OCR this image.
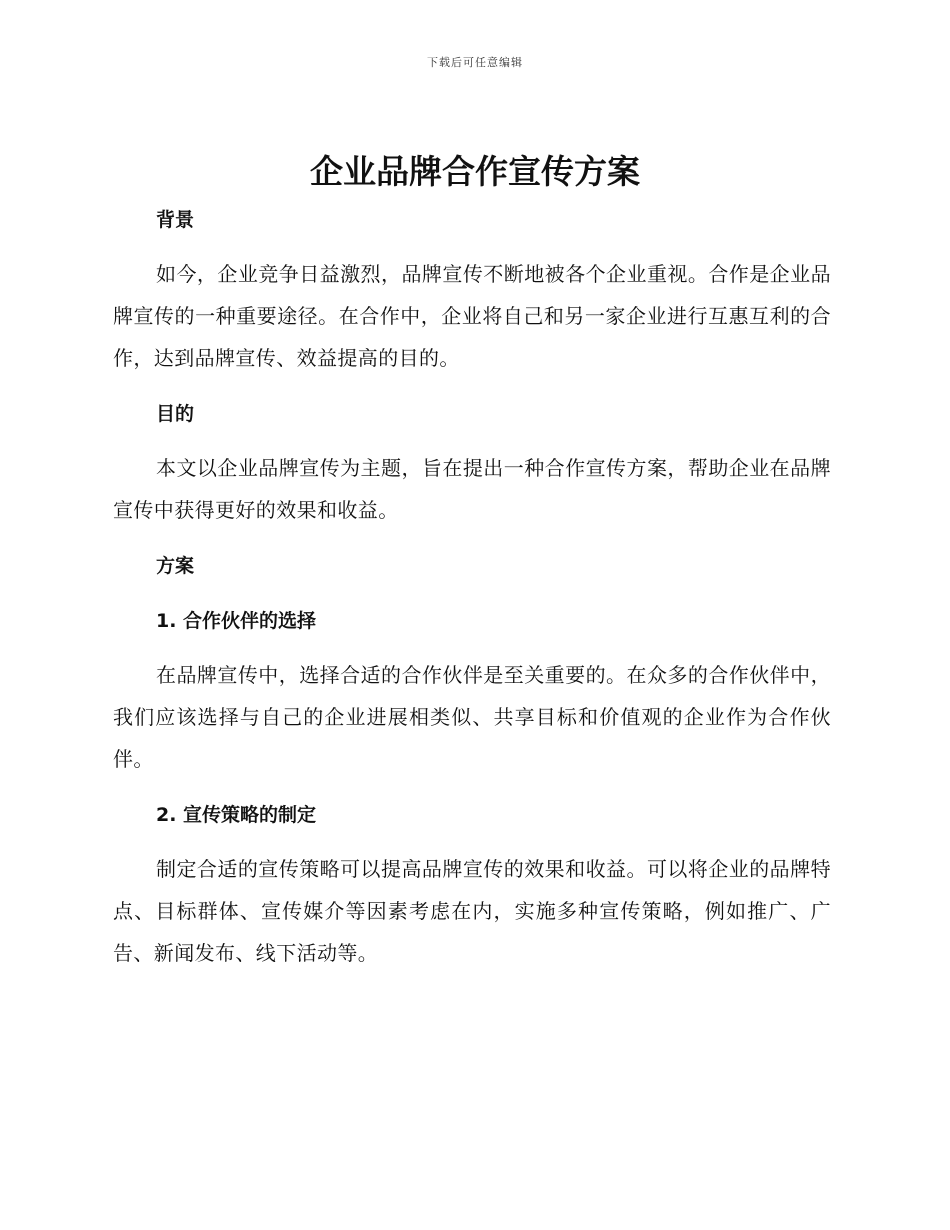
下载后可任意编辑
企业品牌合作宣传方案
背景

如今，企业竞争日益激烈，品牌宣传不断地被各个企业重视。合作是企业品牌宣传的一种重要途径。在合作中，企业将自己和另一家企业进行互惠互利的合作，达到品牌宣传、效益提高的目的。

目的

本文以企业品牌宣传为主题，旨在提出一种合作宣传方案，帮助企业在品牌宣传中获得更好的效果和收益。

方案
1. 合作伙伴的选择

在品牌宣传中，选择合适的合作伙伴是至关重要的。在众多的合作伙伴中，我们应该选择与自己的企业进展相类似、共享目标和价值观的企业作为合作伙伴。

2. 宣传策略的制定

制定合适的宣传策略可以提高品牌宣传的效果和收益。可以将企业的品牌特点、目标群体、宣传媒介等因素考虑在内，实施多种宣传策略，例如推广、广告、新闻发布、线下活动等。
